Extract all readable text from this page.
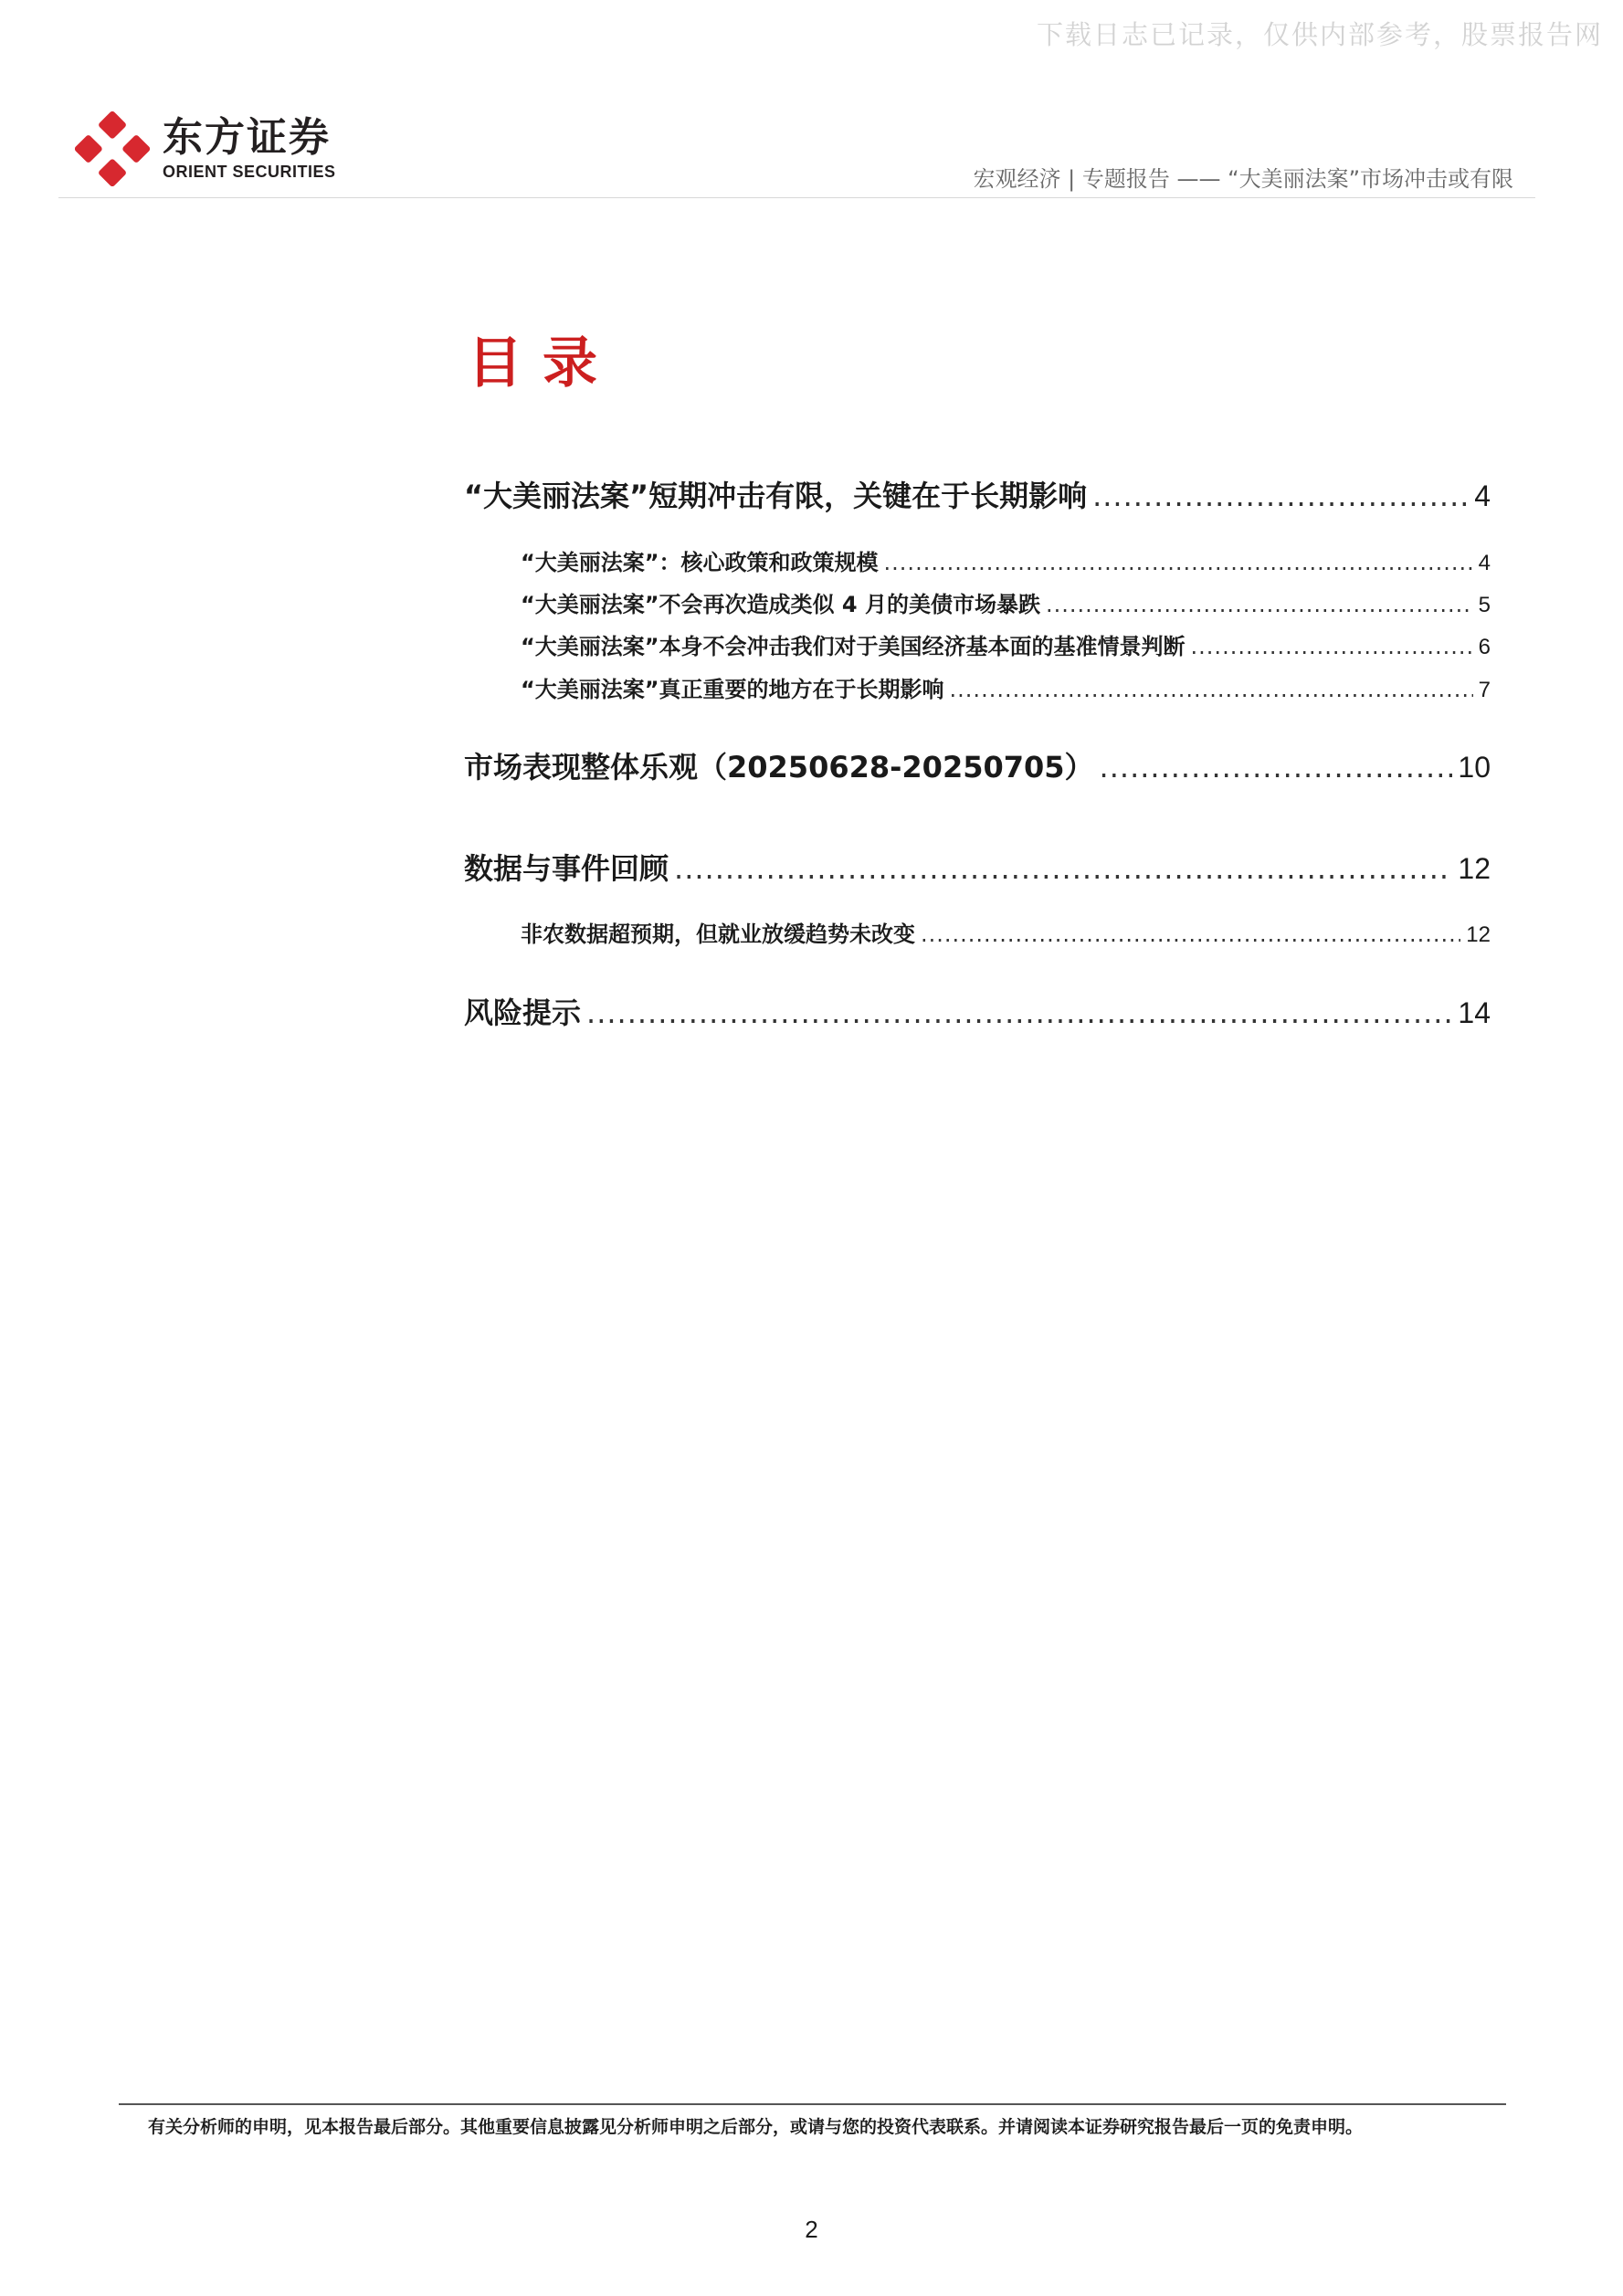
下载日志已记录，仅供内部参考，股票报告网
东方证券
ORIENT SECURITIES	宏观经济 | 专题报告 —— “大美丽法案”市场冲击或有限
目录
“大美丽法案”短期冲击有限，关键在于长期影响 .....	4
“大美丽法案”：核心政策和政策规模 .....	4
“大美丽法案”不会再次造成类似 4 月的美债市场暴跌 .....	5
“大美丽法案”本身不会冲击我们对于美国经济基本面的基准情景判断 .....	6
“大美丽法案”真正重要的地方在于长期影响 .....	7
市场表现整体乐观（20250628-20250705） .....	10
数据与事件回顾 .....	12
非农数据超预期，但就业放缓趋势未改变 .....	12
风险提示 .....	14
有关分析师的申明，见本报告最后部分。其他重要信息披露见分析师申明之后部分，或请与您的投资代表联系。并请阅读本证券研究报告最后一页的免责申明。
2
